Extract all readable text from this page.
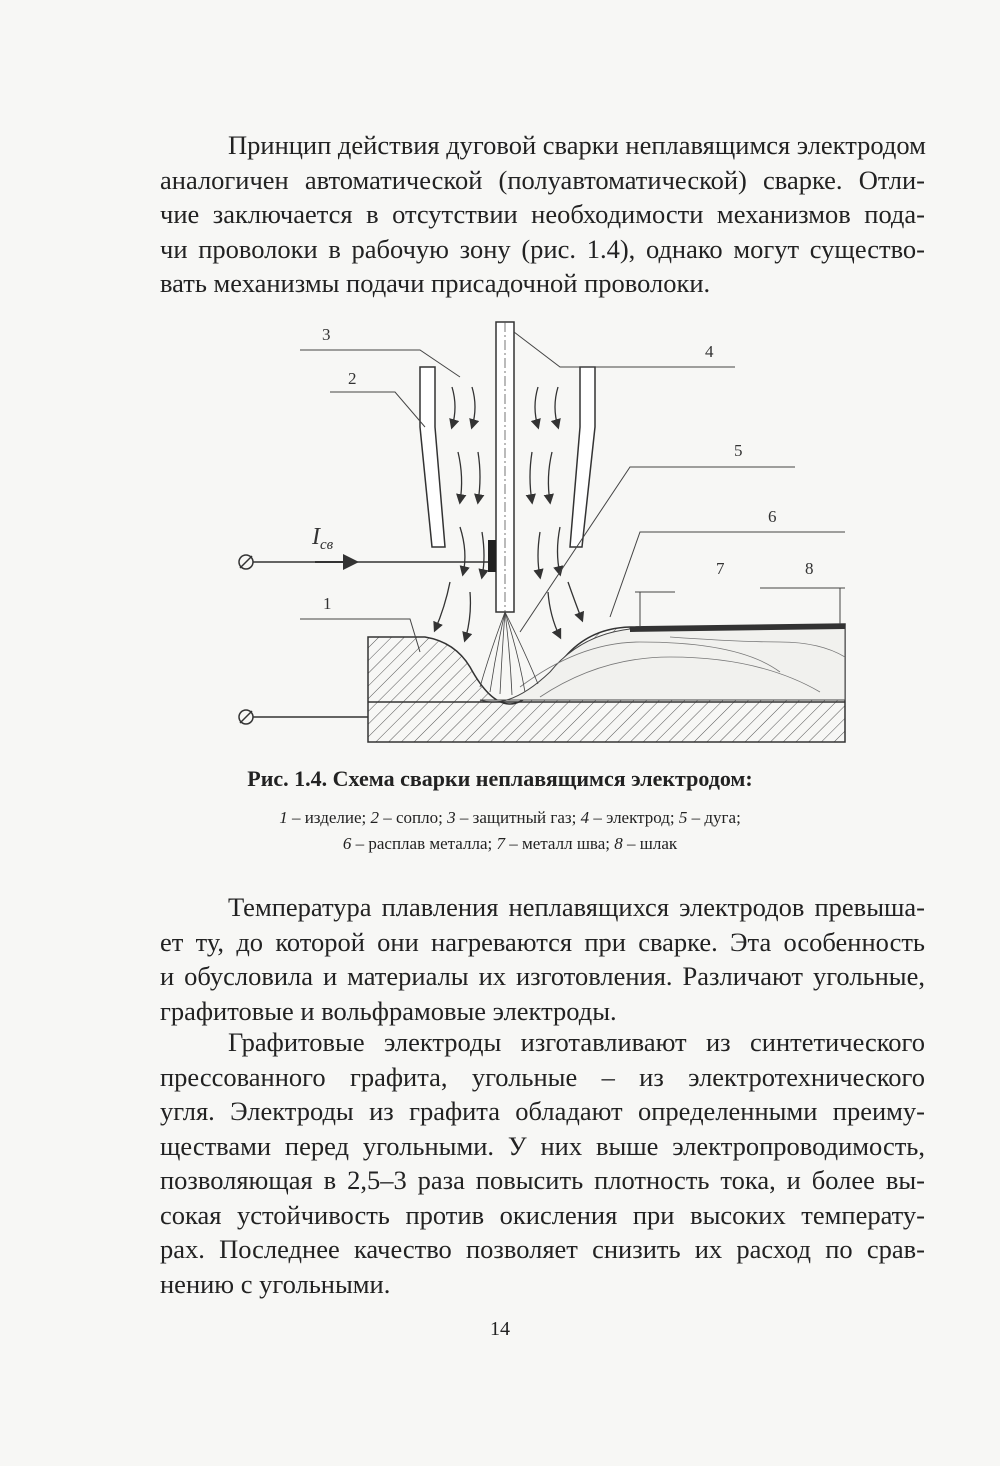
Принцип действия дуговой сварки неплавящимся электродом
аналогичен автоматической (полуавтоматической) сварке. Отли-
чие заключается в отсутствии необходимости механизмов пода-
чи проволоки в рабочую зону (рис. 1.4), однако могут существо-
вать механизмы подачи присадочной проволоки.
$I_{св}$
3
2
4
5
6
7	8
1
Рис. 1.4. Схема сварки неплавящимся электродом:
1 – изделие; 2 – сопло; 3 – защитный газ; 4 – электрод; 5 – дуга;
6 – расплав металла; 7 – металл шва; 8 – шлак
Температура плавления неплавящихся электродов превыша-
ет ту, до которой они нагреваются при сварке. Эта особенность
и обусловила и материалы их изготовления. Различают угольные,
графитовые и вольфрамовые электроды.
Графитовые электроды изготавливают из синтетического
прессованного графита, угольные – из электротехнического
угля. Электроды из графита обладают определенными преиму-
ществами перед угольными. У них выше электропроводимость,
позволяющая в 2,5–3 раза повысить плотность тока, и более вы-
сокая устойчивость против окисления при высоких температу-
рах. Последнее качество позволяет снизить их расход по срав-
нению с угольными.
14
